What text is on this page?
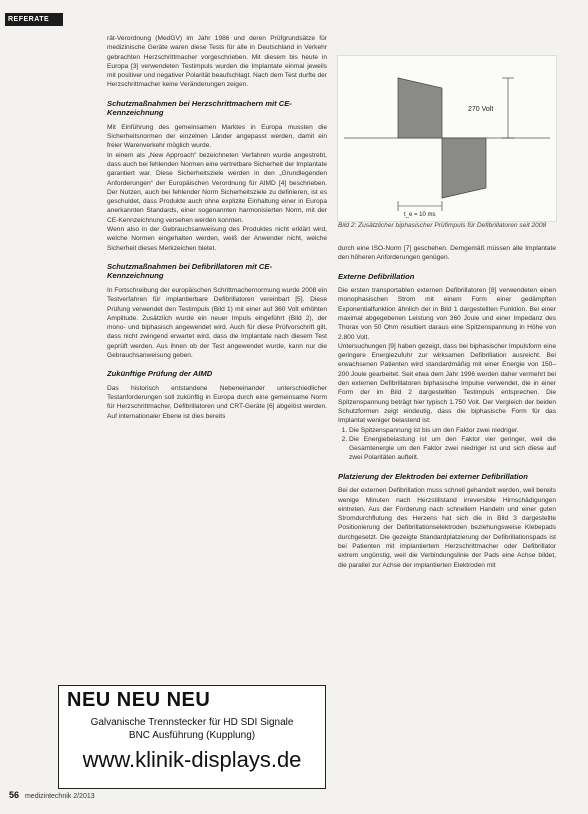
REFERATE

rät-Verordnung (MedGV) im Jahr 1986 und deren Prüfgrundsätze für medizinische Geräte waren diese Tests für alle in Deutschland in Verkehr gebrachten Herzschrittmacher vorgeschrieben. Mit diesem bis heute in Europa [3] verwendeten Testimpuls wurden die Implantate einmal jeweils mit positiver und negativer Polarität beaufschlagt. Nach dem Test durfte der Herzschrittmacher keine Veränderungen zeigen.

Schutzmaßnahmen bei Herzschrittmachern mit CE-Kennzeichnung

Mit Einführung des gemeinsamen Marktes in Europa mussten die Sicherheitsnormen der einzelnen Länder angepasst werden, damit ein freier Warenverkehr möglich wurde.

In einem als „New Approach“ bezeichneten Verfahren wurde angestrebt, dass auch bei fehlenden Normen eine vertretbare Sicherheit der Implantate garantiert war. Diese Sicherheitsziele werden in den „Grundlegenden Anforderungen“ der Europäischen Verordnung für AIMD [4] beschrieben. Der Nutzen, auch bei fehlender Norm Sicherheitsziele zu definieren, ist es geschuldet, dass Produkte auch ohne explizite Einhaltung einer in Europa anerkannten Standards, einer sogenannten harmonisierten Norm, mit der CE-Kennzeichnung versehen werden konnten.

Wenn also in der Gebrauchsanweisung des Produktes nicht erklärt wird, welche Normen eingehalten werden, weiß der Anwender nicht, welche Sicherheit dieses Merkzeichen bietet.

Schutzmaßnahmen bei Defibrillatoren mit CE-Kennzeichnung

In Fortschreibung der europäischen Schrittmachernormung wurde 2008 ein Testverfahren für implantierbare Defibrillatoren vereinbart [5]. Diese Prüfung verwendet den Testimpuls (Bild 1) mit einer auf 360 Volt erhöhten Amplitude. Zusätzlich wurde ein neuer Impuls eingeführt (Bild 2), der mono- und biphasisch angewendet wird. Auch für diese Prüfvorschrift gilt, dass nicht zwingend erwartet wird, dass die Implantate nach diesem Test geprüft werden. Aus ihnen ob der Test angewendet wurde, kann nur die Gebrauchsanweisung geben.

Zukünftige Prüfung der AIMD

Das historisch entstandene Nebeneinander unterschiedlicher Testanforderungen soll zukünftig in Europa durch eine gemeinsame Norm für Herzschrittmacher, Defibrillatoren und CRT-Geräte [6] abgelöst werden. Auf internationaler Ebene ist dies bereits

270 Volt
t_e = 10 ms
Bild 2: Zusätzlicher biphasischer Prüfimpuls für Defibrillatoren seit 2008

durch eine ISO-Norm [7] geschehen. Demgemäß müssen alle Implantate den höheren Anforderungen genügen.

Externe Defibrillation

Die ersten transportablen externen Defibrillatoren [8] verwendeten einen monophasischen Strom mit einem Form einer gedämpften Exponentialfunktion ähnlich der in Bild 1 dargestellten Funktion. Bei einer maximal abgegebenen Leistung von 360 Joule und einer Impedanz des Thorax von 50 Ohm resultiert daraus eine Spitzenspannung in Höhe von 2.800 Volt.

Untersuchungen [9] haben gezeigt, dass bei biphasischer Impulsform eine geringere Energiezufuhr zur wirksamen Defibrillation ausreicht. Bei erwachsenen Patienten wird standardmäßig mit einer Energie von 150–200 Joule gearbeitet. Seit etwa dem Jahr 1996 werden daher vermehrt bei den externen Defibrillatoren biphasische Impulse verwendet, die in einer Form der im Bild 2 dargestellten Testimpuls entsprechen. Die Spitzenspannung beträgt hier typisch 1.750 Volt. Der Vergleich der beiden Schutzformen zeigt eindeutig, dass die biphasische Form für das Implantat weniger belastend ist:

1. Die Spitzenspannung ist bis um den Faktor zwei niedriger.
2. Die Energiebelastung ist um den Faktor vier geringer, weil die Gesamtenergie um den Faktor zwei niedriger ist und sich diese auf zwei Polaritäten aufteilt.
Platzierung der Elektroden bei externer Defibrillation

Bei der externen Defibrillation muss schnell gehandelt werden, weil bereits wenige Minuten nach Herzstillstand irreversible Hirnschädigungen eintreten. Aus der Forderung nach schnellem Handeln und einer guten Stromdurchflutung des Herzens hat sich die in Bild 3 dargestellte Positionierung der Defibrillationselektroden beziehungsweise Klebepads durchgesetzt. Die gezeigte Standardplatzierung der Defibrillationspads ist bei Patienten mit implantiertem Herzschrittmacher oder Defibrillator extrem ungünstig, weil die Verbindungslinie der Pads eine Achse bildet, die parallel zur Achse der implantierten Elektroden mit

NEU NEU NEU
Galvanische Trennstecker für HD SDI Signale
BNC Ausführung (Kupplung)
www.klinik-displays.de
56 medizintechnik 2/2013
